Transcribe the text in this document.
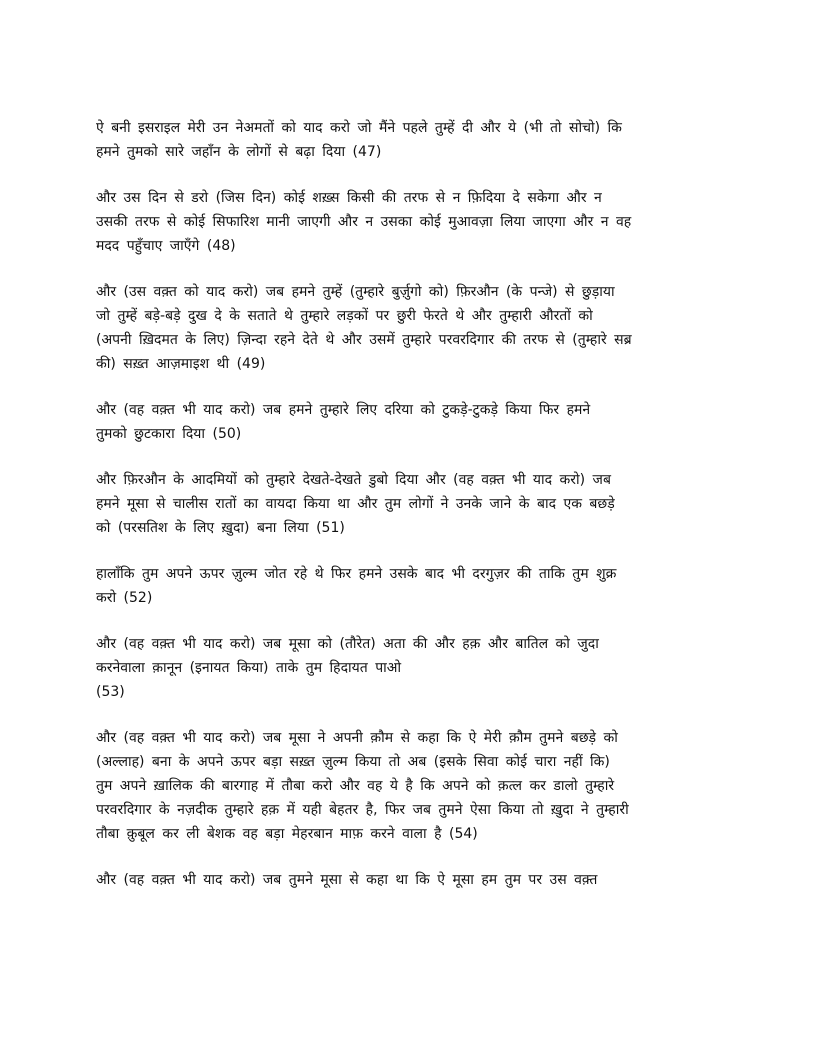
ऐ बनी इसराइल मेरी उन नेअमतों को याद करो जो मैंने पहले तुम्हें दी और ये (भी तो सोचो) कि
हमने तुमको सारे जहाँन के लोगों से बढ़ा दिया (47)

और उस दिन से डरो (जिस दिन) कोई शख़्स किसी की तरफ से न फ़िदिया दे सकेगा और न
उसकी तरफ से कोई सिफारिश मानी जाएगी और न उसका कोई मुआवज़ा लिया जाएगा और न वह
मदद पहुँचाए जाएँगे (48)

और (उस वक़्त को याद करो) जब हमने तुम्हें (तुम्हारे बुर्ज़ुगो को) फ़िरऔन (के पन्जे) से छुड़ाया
जो तुम्हें बड़े-बड़े दुख दे के सताते थे तुम्हारे लड़कों पर छुरी फेरते थे और तुम्हारी औरतों को
(अपनी ख़िदमत के लिए) ज़िन्दा रहने देते थे और उसमें तुम्हारे परवरदिगार की तरफ से (तुम्हारे सब्र
की) सख़्त आज़माइश थी (49)

और (वह वक़्त भी याद करो) जब हमने तुम्हारे लिए दरिया को टुकड़े-टुकड़े किया फिर हमने
तुमको छुटकारा दिया (50)

और फ़िरऔन के आदमियों को तुम्हारे देखते-देखते डुबो दिया और (वह वक़्त भी याद करो) जब
हमने मूसा से चालीस रातों का वायदा किया था और तुम लोगों ने उनके जाने के बाद एक बछड़े
को (परसतिश के लिए ख़ुदा) बना लिया (51)

हालाँकि तुम अपने ऊपर ज़ुल्म जोत रहे थे फिर हमने उसके बाद भी दरगुज़र की ताकि तुम शुक्र
करो (52)

और (वह वक़्त भी याद करो) जब मूसा को (तौरेत) अता की और हक़ और बातिल को जुदा
करनेवाला क़ानून (इनायत किया) ताके तुम हिदायत पाओ
(53)

और (वह वक़्त भी याद करो) जब मूसा ने अपनी क़ौम से कहा कि ऐ मेरी क़ौम तुमने बछड़े को
(अल्लाह) बना के अपने ऊपर बड़ा सख़्त ज़ुल्म किया तो अब (इसके सिवा कोई चारा नहीं कि)
तुम अपने ख़ालिक की बारगाह में तौबा करो और वह ये है कि अपने को क़त्ल कर डालो तुम्हारे
परवरदिगार के नज़दीक तुम्हारे हक़ में यही बेहतर है, फिर जब तुमने ऐसा किया तो ख़ुदा ने तुम्हारी
तौबा क़ुबूल कर ली बेशक वह बड़ा मेहरबान माफ़ करने वाला है (54)

और (वह वक़्त भी याद करो) जब तुमने मूसा से कहा था कि ऐ मूसा हम तुम पर उस वक़्त
